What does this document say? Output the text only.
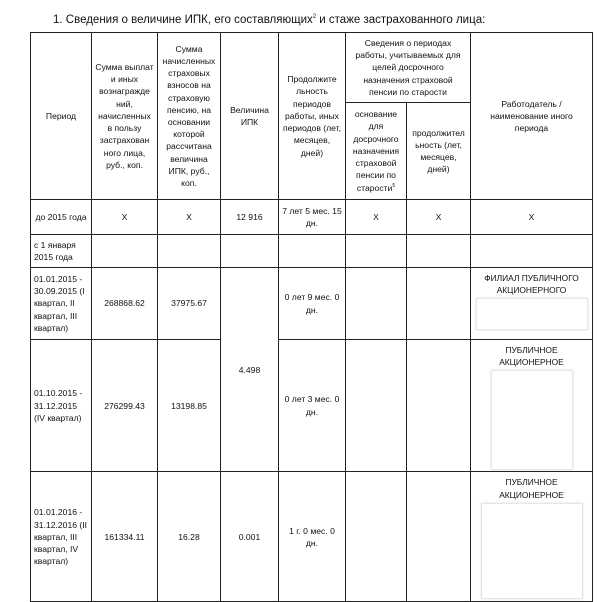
1. Сведения о величине ИПК, его составляющих$^2$ и стаже застрахованного лица:
Период	Сумма выплат и иных вознагражде ний, начисленных в пользу застрахован ного лица, руб., коп.	Сумма начисленных страховых взносов на страховую пенсию, на основании которой рассчитана величина ИПК, руб., коп.	Величина ИПК	Продолжите льность периодов работы, иных периодов (лет, месяцев, дней)	Сведения о периодах работы, учитываемых для целей досрочного назначения страховой пенсии по старости		Работодатель / наименование иного периода
					основание для досрочного назначения страховой пенсии по старости$^5$	продолжител ьность (лет, месяцев, дней)	
до 2015 года	X	X	12 916	7 лет 5 мес. 15 дн.	X	X	X
с 1 января 2015 года							
01.01.2015 - 30.09.2015 (I квартал, II квартал, III квартал)	268868.62	37975.67	4.498	0 лет 9 мес. 0 дн.			ФИЛИАЛ ПУБЛИЧНОГО АКЦИОНЕРНОГО

01.10.2015 - 31.12.2015 (IV квартал)	276299.43	13198.85		0 лет 3 мес. 0 дн.			ПУБЛИЧНОЕ АКЦИОНЕРНОЕ

01.01.2016 - 31.12.2016 (II квартал, III квартал, IV квартал)	161334.11	16.28	0.001	1 г. 0 мес. 0 дн.			ПУБЛИЧНОЕ АКЦИОНЕРНОЕ
